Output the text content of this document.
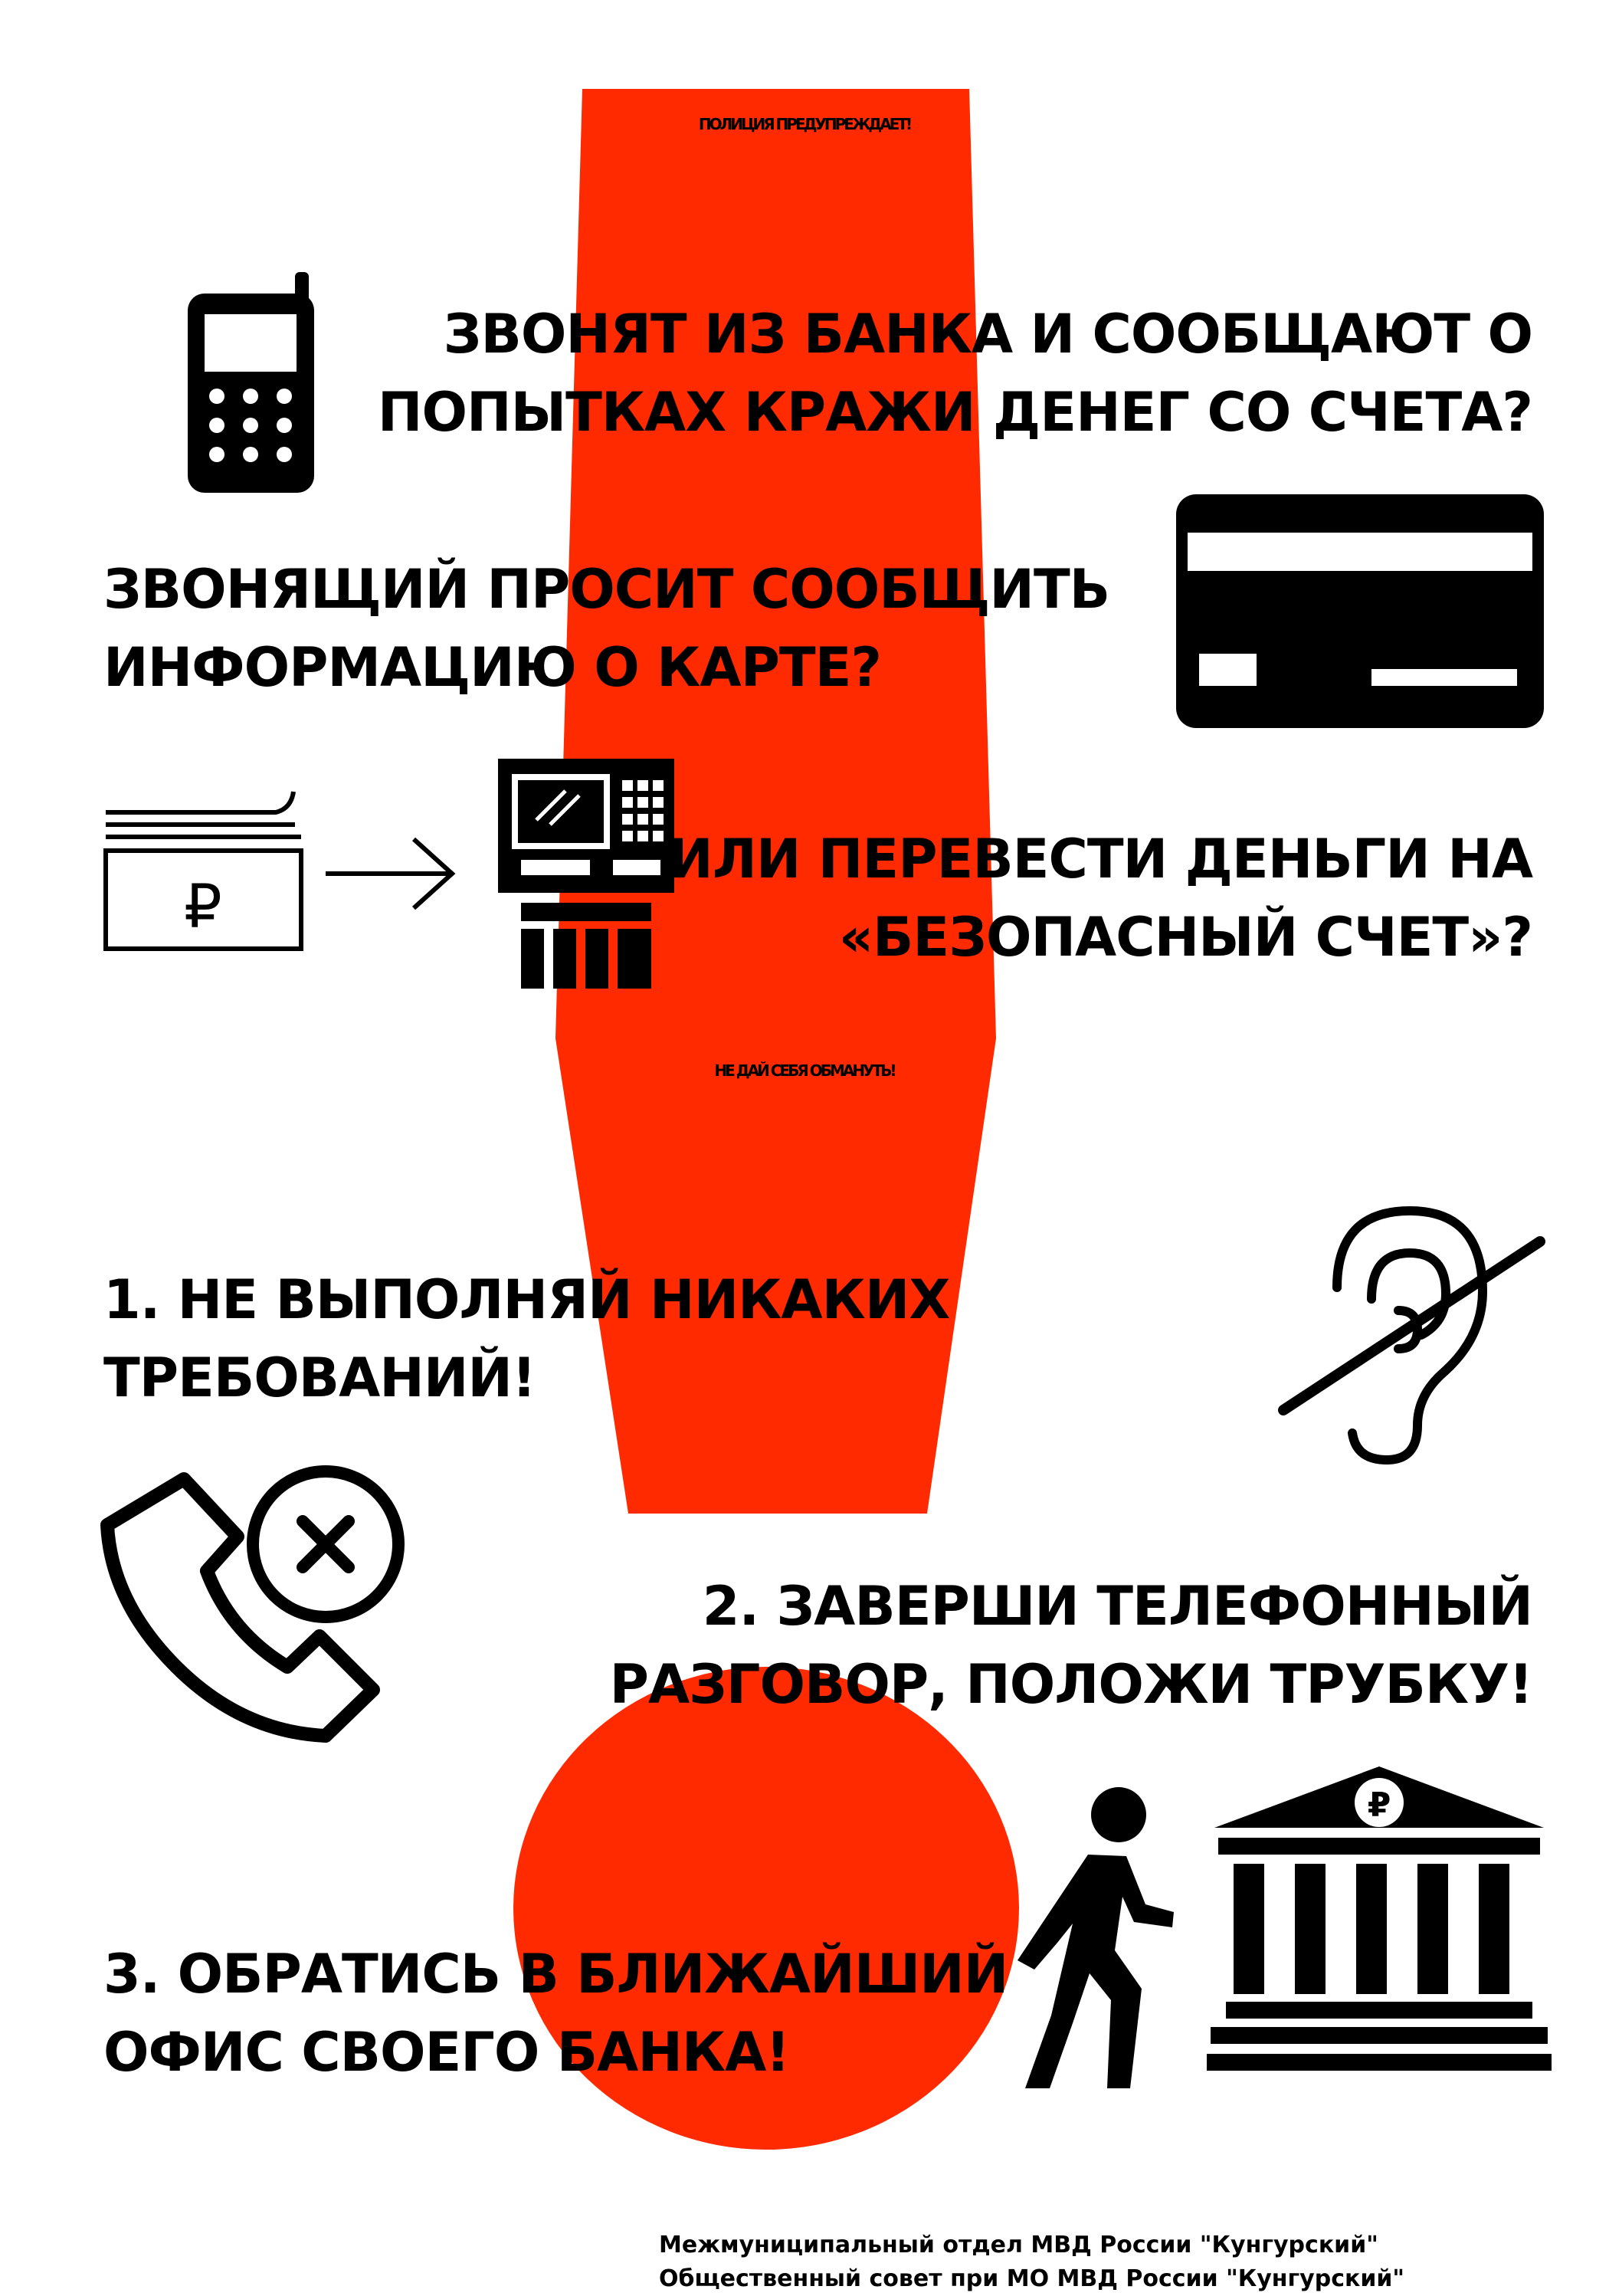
ПОЛИЦИЯ ПРЕДУПРЕЖДАЕТ!
ЗВОНЯТ ИЗ БАНКА И СООБЩАЮТ О
ПОПЫТКАХ КРАЖИ ДЕНЕГ СО СЧЕТА?
ЗВОНЯЩИЙ ПРОСИТ СООБЩИТЬ
ИНФОРМАЦИЮ О КАРТЕ?
₽
ИЛИ ПЕРЕВЕСТИ ДЕНЬГИ НА
«БЕЗОПАСНЫЙ СЧЕТ»?
НЕ ДАЙ СЕБЯ ОБМАНУТЬ!
1. НЕ ВЫПОЛНЯЙ НИКАКИХ
ТРЕБОВАНИЙ!
2. ЗАВЕРШИ ТЕЛЕФОННЫЙ
РАЗГОВОР, ПОЛОЖИ ТРУБКУ!
3. ОБРАТИСЬ В БЛИЖАЙШИЙ
ОФИС СВОЕГО БАНКА!
₽
Межмуниципальный отдел МВД России "Кунгурский"
Общественный совет при МО МВД России "Кунгурский"
